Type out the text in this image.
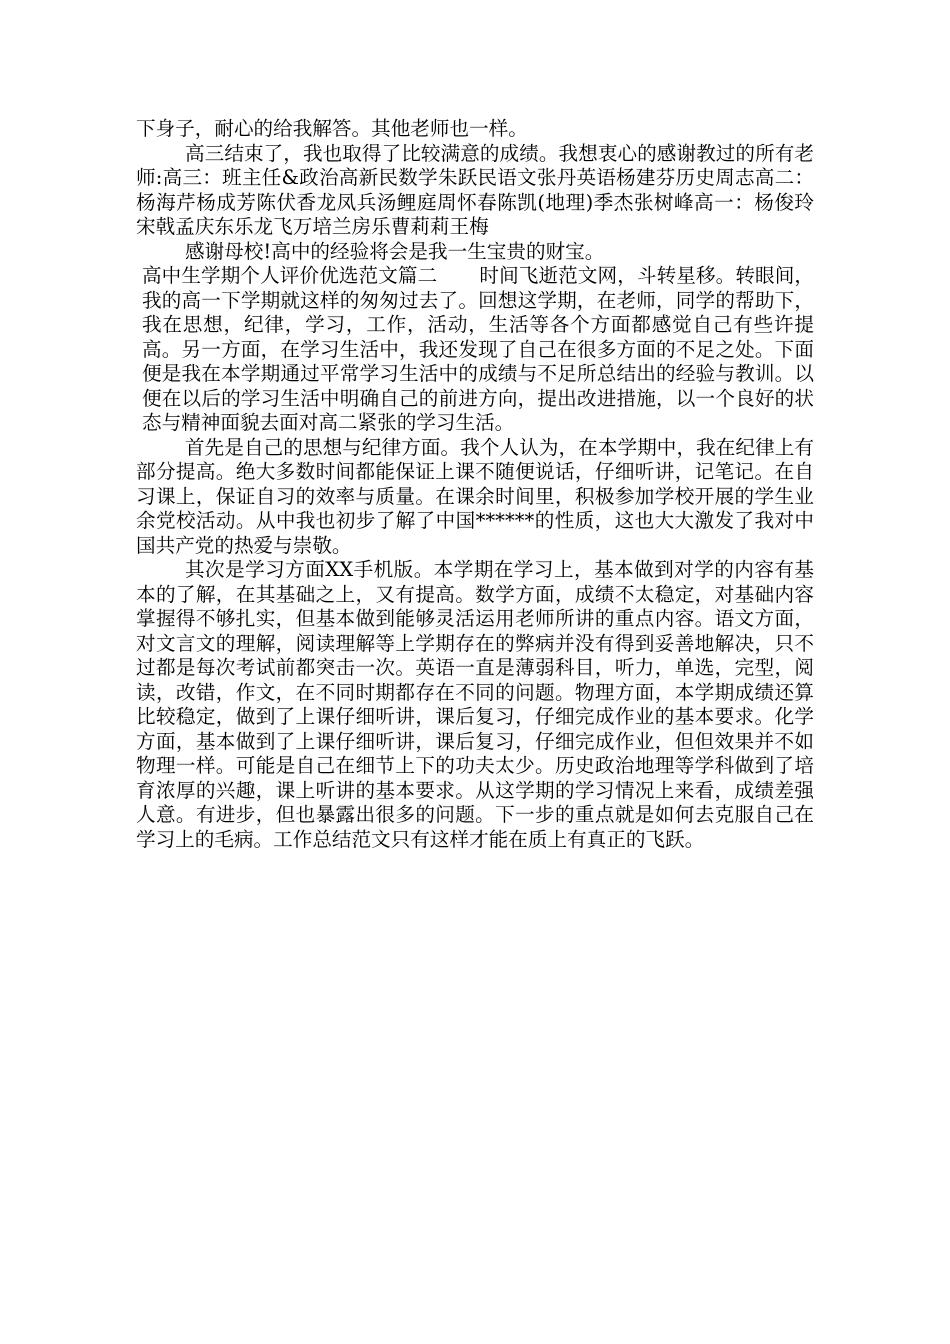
下身子，耐心的给我解答。其他老师也一样。

高三结束了，我也取得了比较满意的成绩。我想衷心的感谢教过的所有老师:高三：班主任&政治高新民数学朱跃民语文张丹英语杨建芬历史周志高二：杨海芹杨成芳陈伏香龙凤兵汤鲤庭周怀春陈凯(地理)季杰张树峰高一：杨俊玲宋戟孟庆东乐龙飞万培兰房乐曹莉莉王梅

感谢母校!高中的经验将会是我一生宝贵的财宝。

高中生学期个人评价优选范文篇二 时间飞逝范文网，斗转星移。转眼间，我的高一下学期就这样的匆匆过去了。回想这学期，在老师，同学的帮助下，我在思想，纪律，学习，工作，活动，生活等各个方面都感觉自己有些许提高。另一方面，在学习生活中，我还发现了自己在很多方面的不足之处。下面便是我在本学期通过平常学习生活中的成绩与不足所总结出的经验与教训。以便在以后的学习生活中明确自己的前进方向，提出改进措施，以一个良好的状态与精神面貌去面对高二紧张的学习生活。

首先是自己的思想与纪律方面。我个人认为，在本学期中，我在纪律上有部分提高。绝大多数时间都能保证上课不随便说话，仔细听讲，记笔记。在自习课上，保证自习的效率与质量。在课余时间里，积极参加学校开展的学生业余党校活动。从中我也初步了解了中国******的性质，这也大大激发了我对中国共产党的热爱与崇敬。

其次是学习方面XX手机版。本学期在学习上，基本做到对学的内容有基本的了解，在其基础之上，又有提高。数学方面，成绩不太稳定，对基础内容掌握得不够扎实，但基本做到能够灵活运用老师所讲的重点内容。语文方面，对文言文的理解，阅读理解等上学期存在的弊病并没有得到妥善地解决，只不过都是每次考试前都突击一次。英语一直是薄弱科目，听力，单选，完型，阅读，改错，作文，在不同时期都存在不同的问题。物理方面，本学期成绩还算比较稳定，做到了上课仔细听讲，课后复习，仔细完成作业的基本要求。化学方面，基本做到了上课仔细听讲，课后复习，仔细完成作业，但但效果并不如物理一样。可能是自己在细节上下的功夫太少。历史政治地理等学科做到了培育浓厚的兴趣，课上听讲的基本要求。从这学期的学习情况上来看，成绩差强人意。有进步，但也暴露出很多的问题。下一步的重点就是如何去克服自己在学习上的毛病。工作总结范文只有这样才能在质上有真正的飞跃。
